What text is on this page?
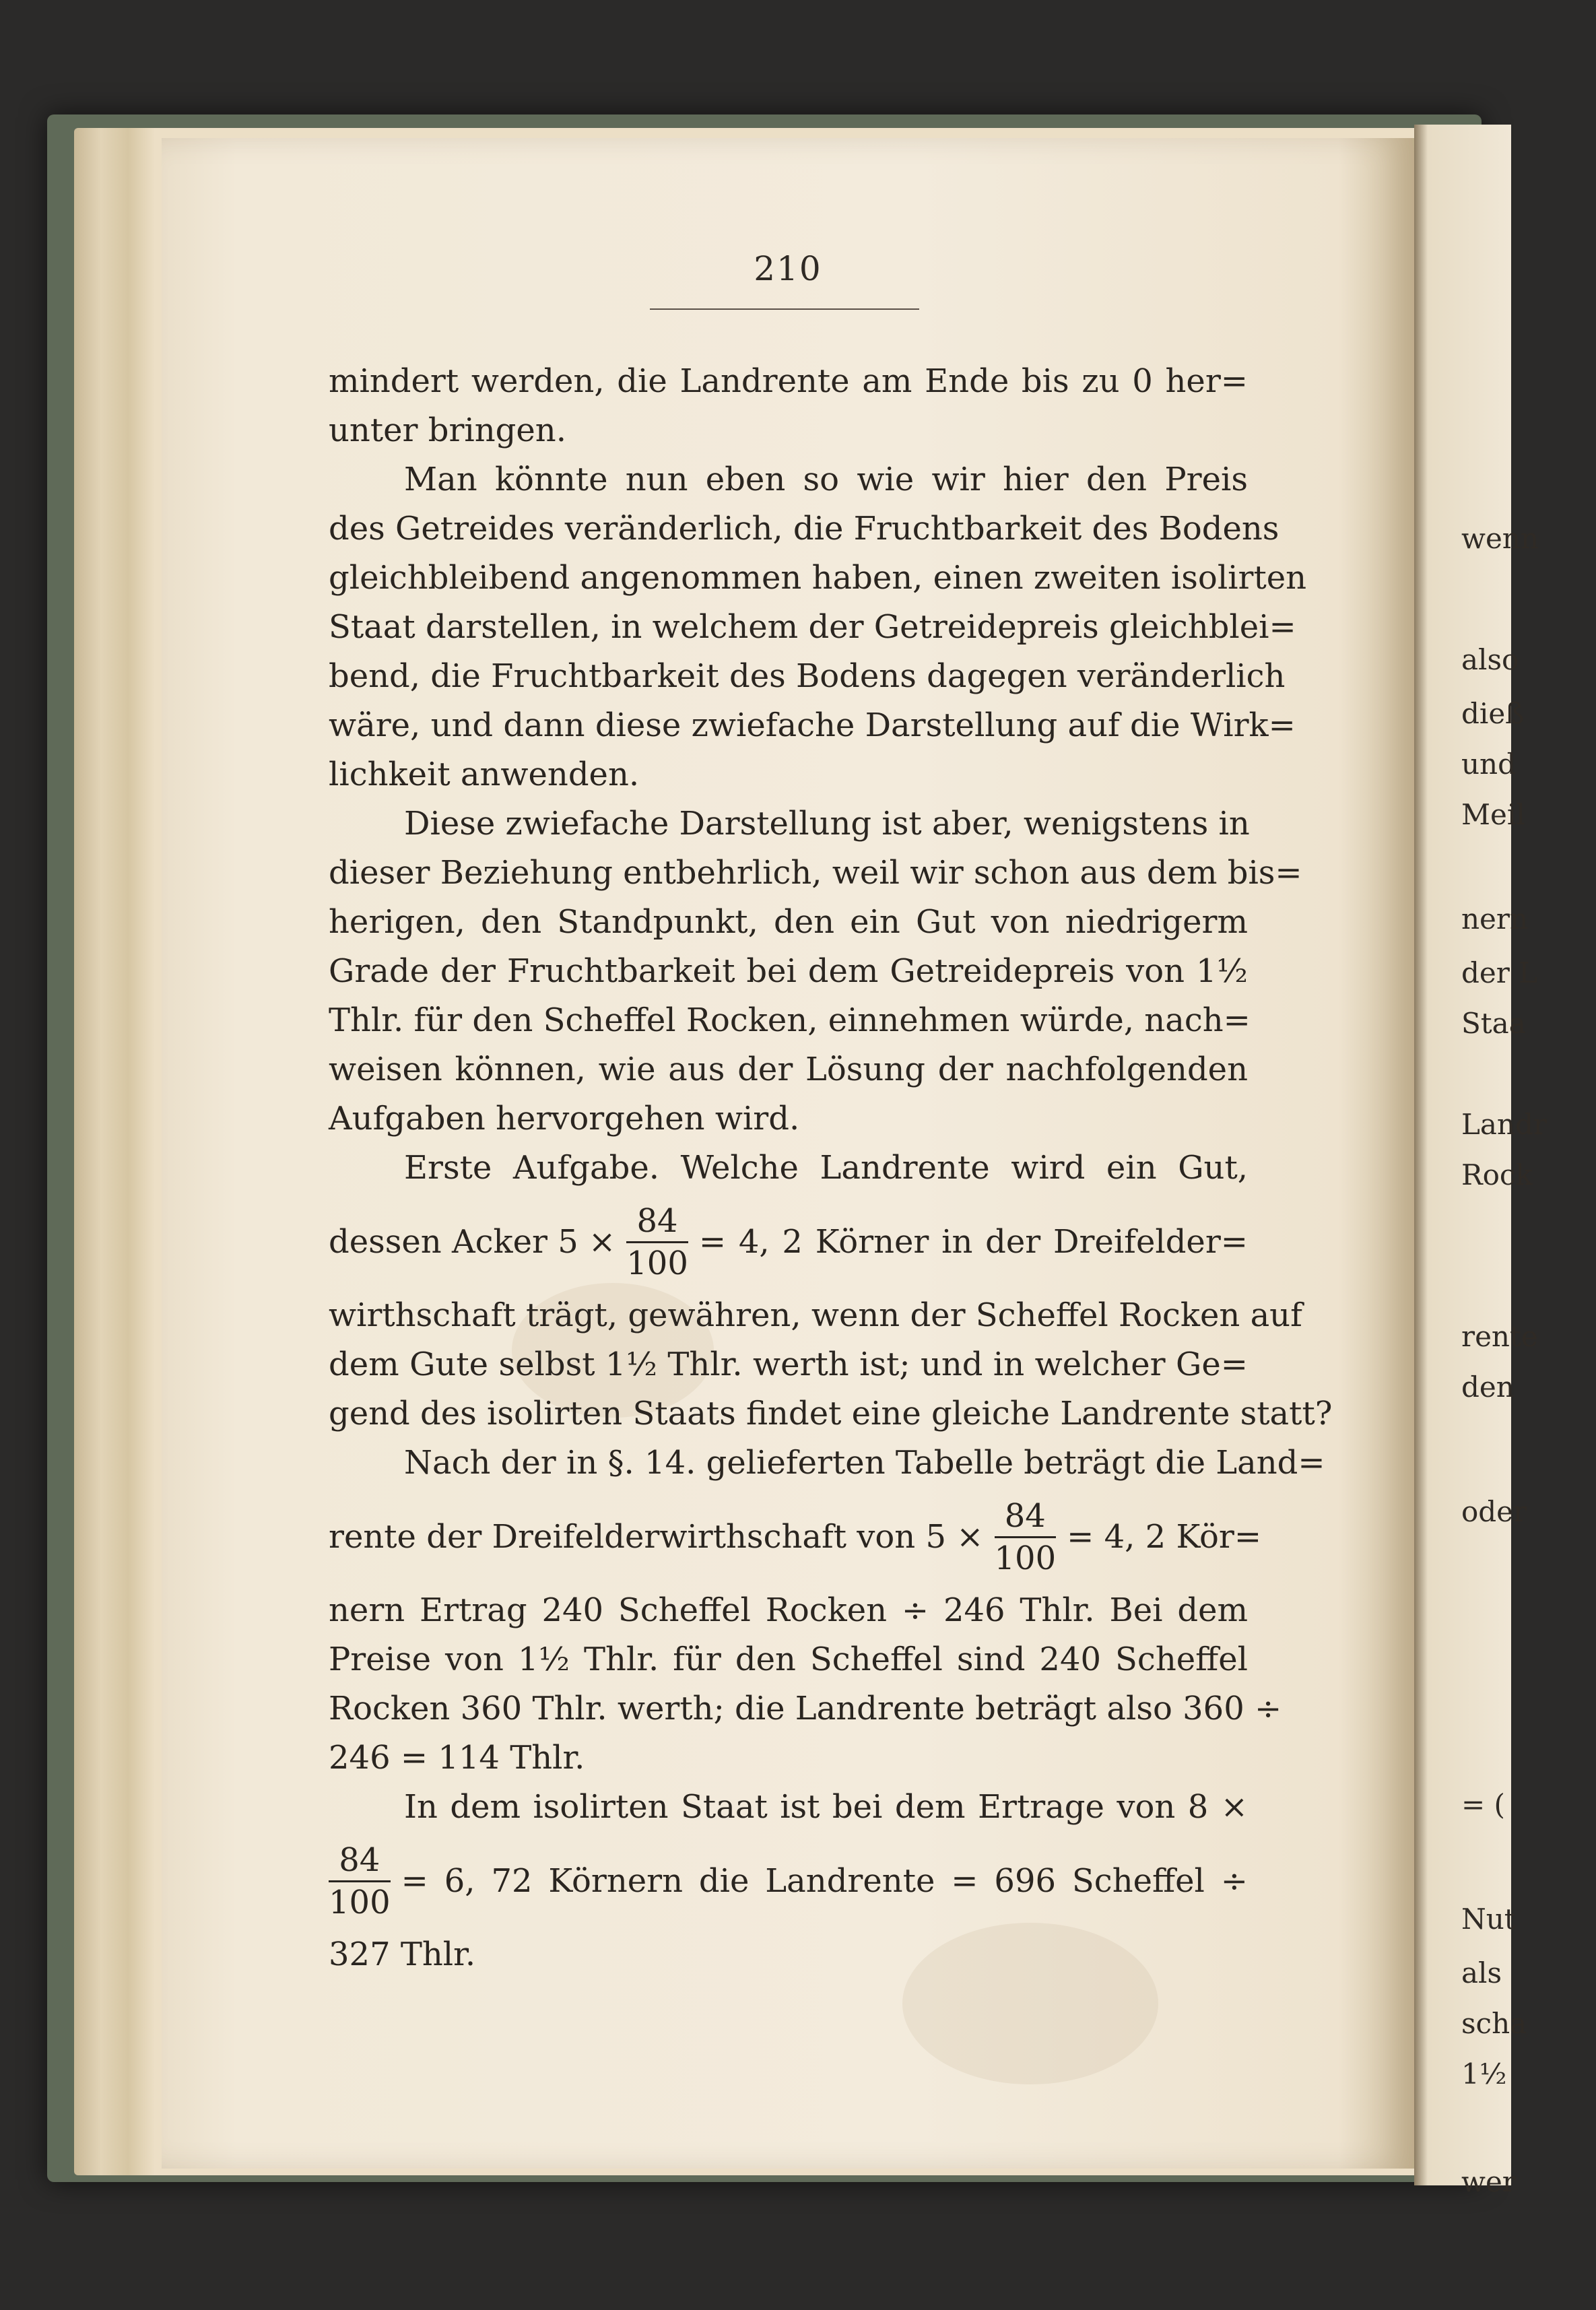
wenn
also
dieß
und
Meil
nern
der L
Staa
Landr
Rock
rente
den
oder
= (
Nut
als
scha
1½
wer
210
mindert werden, die Landrente am Ende bis zu 0 her=
unter bringen.
Man könnte nun eben so wie wir hier den Preis
des Getreides veränderlich, die Fruchtbarkeit des Bodens
gleichbleibend angenommen haben, einen zweiten isolirten
Staat darstellen, in welchem der Getreidepreis gleichblei=
bend, die Fruchtbarkeit des Bodens dagegen veränderlich
wäre, und dann diese zwiefache Darstellung auf die Wirk=
lichkeit anwenden.
Diese zwiefache Darstellung ist aber, wenigstens in
dieser Beziehung entbehrlich, weil wir schon aus dem bis=
herigen, den Standpunkt, den ein Gut von niedrigerm
Grade der Fruchtbarkeit bei dem Getreidepreis von 1½
Thlr. für den Scheffel Rocken, einnehmen würde, nach=
weisen können, wie aus der Lösung der nachfolgenden
Aufgaben hervorgehen wird.
Erste Aufgabe. Welche Landrente wird ein Gut,
dessen Acker $5 \times \frac{84}{100} = 4$, 2 Körner in der Dreifelder=
wirthschaft trägt, gewähren, wenn der Scheffel Rocken auf
dem Gute selbst 1½ Thlr. werth ist; und in welcher Ge=
gend des isolirten Staats findet eine gleiche Landrente statt?
Nach der in §. 14. gelieferten Tabelle beträgt die Land=
rente der Dreifelderwirthschaft von $5 \times \frac{84}{100} = 4$, 2 Kör=
nern Ertrag 240 Scheffel Rocken ÷ 246 Thlr. Bei dem
Preise von 1½ Thlr. für den Scheffel sind 240 Scheffel
Rocken 360 Thlr. werth; die Landrente beträgt also 360 ÷
246 = 114 Thlr.
In dem isolirten Staat ist bei dem Ertrage von 8 ×
$\frac{84}{100} = 6$, 72 Körnern die Landrente = 696 Scheffel ÷
327 Thlr.
